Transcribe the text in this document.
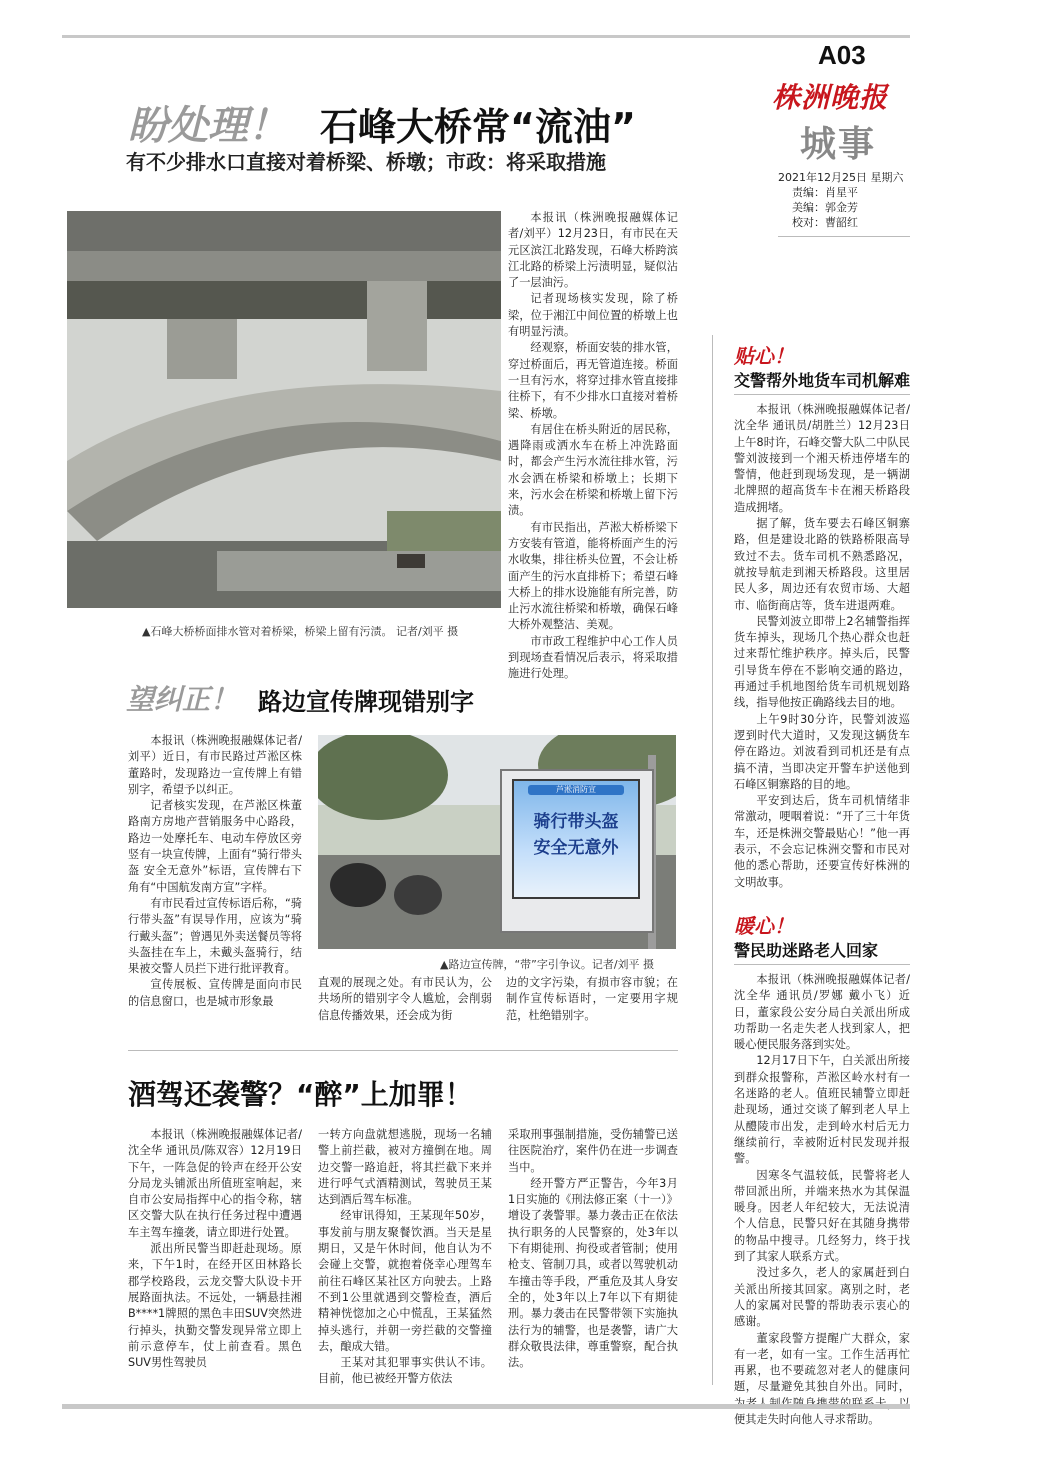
A03
株洲晚报
城事
2021年12月25日 星期六
责编：肖星平
美编：郭金芳
校对：曹韶红
盼处理！ 石峰大桥常“流油”
有不少排水口直接对着桥梁、桥墩；市政：将采取措施
▲石峰大桥桥面排水管对着桥梁，桥梁上留有污渍。 记者/刘平 摄

本报讯（株洲晚报融媒体记者/刘平）12月23日，有市民在天元区滨江北路发现，石峰大桥跨滨江北路的桥梁上污渍明显，疑似沾了一层油污。

记者现场核实发现，除了桥梁，位于湘江中间位置的桥墩上也有明显污渍。

经观察，桥面安装的排水管，穿过桥面后，再无管道连接。桥面一旦有污水，将穿过排水管直接排往桥下，有不少排水口直接对着桥梁、桥墩。

有居住在桥头附近的居民称，遇降雨或洒水车在桥上冲洗路面时，都会产生污水流往排水管，污水会洒在桥梁和桥墩上；长期下来，污水会在桥梁和桥墩上留下污渍。

有市民指出，芦淞大桥桥梁下方安装有管道，能将桥面产生的污水收集，排往桥头位置，不会让桥面产生的污水直排桥下；希望石峰大桥上的排水设施能有所完善，防止污水流往桥梁和桥墩，确保石峰大桥外观整洁、美观。

市市政工程维护中心工作人员到现场查看情况后表示，将采取措施进行处理。

望纠正！ 路边宣传牌现错别字

本报讯（株洲晚报融媒体记者/刘平）近日，有市民路过芦淞区株董路时，发现路边一宣传牌上有错别字，希望予以纠正。

记者核实发现，在芦淞区株董路南方房地产营销服务中心路段，路边一处摩托车、电动车停放区旁竖有一块宣传牌，上面有“骑行带头盔 安全无意外”标语，宣传牌右下角有“中国航发南方宣”字样。

有市民看过宣传标语后称，“骑行带头盔”有误导作用，应该为“骑行戴头盔”；曾遇见外卖送餐员等将头盔挂在车上，未戴头盔骑行，结果被交警人员拦下进行批评教育。

宣传展板、宣传牌是面向市民的信息窗口，也是城市形象最

芦淞消防宣
骑行带头盔
安全无意外
▲路边宣传牌，“带”字引争议。记者/刘平 摄

直观的展现之处。有市民认为，公共场所的错别字令人尴尬，会削弱信息传播效果，还会成为街

边的文字污染，有损市容市貌；在制作宣传标语时，一定要用字规范，杜绝错别字。

酒驾还袭警？“醉”上加罪！

本报讯（株洲晚报融媒体记者/沈全华 通讯员/陈双容）12月19日下午，一阵急促的铃声在经开公安分局龙头铺派出所值班室响起，来自市公安局指挥中心的指令称，辖区交警大队在执行任务过程中遭遇车主驾车撞袭，请立即进行处置。

派出所民警当即赶赴现场。原来，下午1时，在经开区田林路长郡学校路段，云龙交警大队设卡开展路面执法。不远处，一辆悬挂湘B****1牌照的黑色丰田SUV突然进行掉头，执勤交警发现异常立即上前示意停车，仗上前查看。黑色SUV男性驾驶员

一转方向盘就想逃脱，现场一名辅警上前拦截，被对方撞倒在地。周边交警一路追赶，将其拦截下来并进行呼气式酒精测试，驾驶员王某达到酒后驾车标准。

经审讯得知，王某现年50岁，事发前与朋友聚餐饮酒。当天是星期日，又是午休时间，他自认为不会碰上交警，就抱着侥幸心理驾车前往石峰区某社区方向驶去。上路不到1公里就遇到交警检查，酒后精神恍惚加之心中慌乱，王某猛然掉头逃行，并朝一旁拦截的交警撞去，酿成大错。

王某对其犯罪事实供认不讳。目前，他已被经开警方依法

采取刑事强制措施，受伤辅警已送往医院治疗，案件仍在进一步调查当中。

经开警方严正警告，今年3月1日实施的《刑法修正案（十一）》增设了袭警罪。暴力袭击正在依法执行职务的人民警察的，处3年以下有期徒刑、拘役或者管制；使用枪支、管制刀具，或者以驾驶机动车撞击等手段，严重危及其人身安全的，处3年以上7年以下有期徒刑。暴力袭击在民警带领下实施执法行为的辅警，也是袭警，请广大群众敬畏法律，尊重警察，配合执法。

贴心！
交警帮外地货车司机解难

本报讯（株洲晚报融媒体记者/沈全华 通讯员/胡胜兰）12月23日上午8时许，石峰交警大队二中队民警刘波接到一个湘天桥违停堵车的警情，他赶到现场发现，是一辆湖北牌照的超高货车卡在湘天桥路段造成拥堵。

据了解，货车要去石峰区铜寨路，但是建设北路的铁路桥限高导致过不去。货车司机不熟悉路况，就按导航走到湘天桥路段。这里居民人多，周边还有农贸市场、大超市、临街商店等，货车进退两难。

民警刘波立即带上2名辅警指挥货车掉头，现场几个热心群众也赶过来帮忙维护秩序。掉头后，民警引导货车停在不影响交通的路边，再通过手机地图给货车司机规划路线，指导他按正确路线去目的地。

上午9时30分许，民警刘波巡逻到时代大道时，又发现这辆货车停在路边。刘波看到司机还是有点搞不清，当即决定开警车护送他到石峰区铜寨路的目的地。

平安到达后，货车司机情绪非常激动，哽咽着说：“开了三十年货车，还是株洲交警最贴心！”他一再表示，不会忘记株洲交警和市民对他的悉心帮助，还要宣传好株洲的文明故事。

暖心！
警民助迷路老人回家

本报讯（株洲晚报融媒体记者/沈全华 通讯员/罗娜 戴小飞）近日，董家段公安分局白关派出所成功帮助一名走失老人找到家人，把暖心便民服务落到实处。

12月17日下午，白关派出所接到群众报警称，芦淞区岭水村有一名迷路的老人。值班民辅警立即赶赴现场，通过交谈了解到老人早上从醴陵市出发，走到岭水村后无力继续前行，幸被附近村民发现并报警。

因寒冬气温较低，民警将老人带回派出所，并端来热水为其保温暖身。因老人年纪较大，无法说清个人信息，民警只好在其随身携带的物品中搜寻。几经努力，终于找到了其家人联系方式。

没过多久，老人的家属赶到白关派出所接其回家。离别之时，老人的家属对民警的帮助表示衷心的感谢。

董家段警方提醒广大群众，家有一老，如有一宝。工作生活再忙再累，也不要疏忽对老人的健康问题，尽量避免其独自外出。同时， 便其走失时向他人寻求帮助。
